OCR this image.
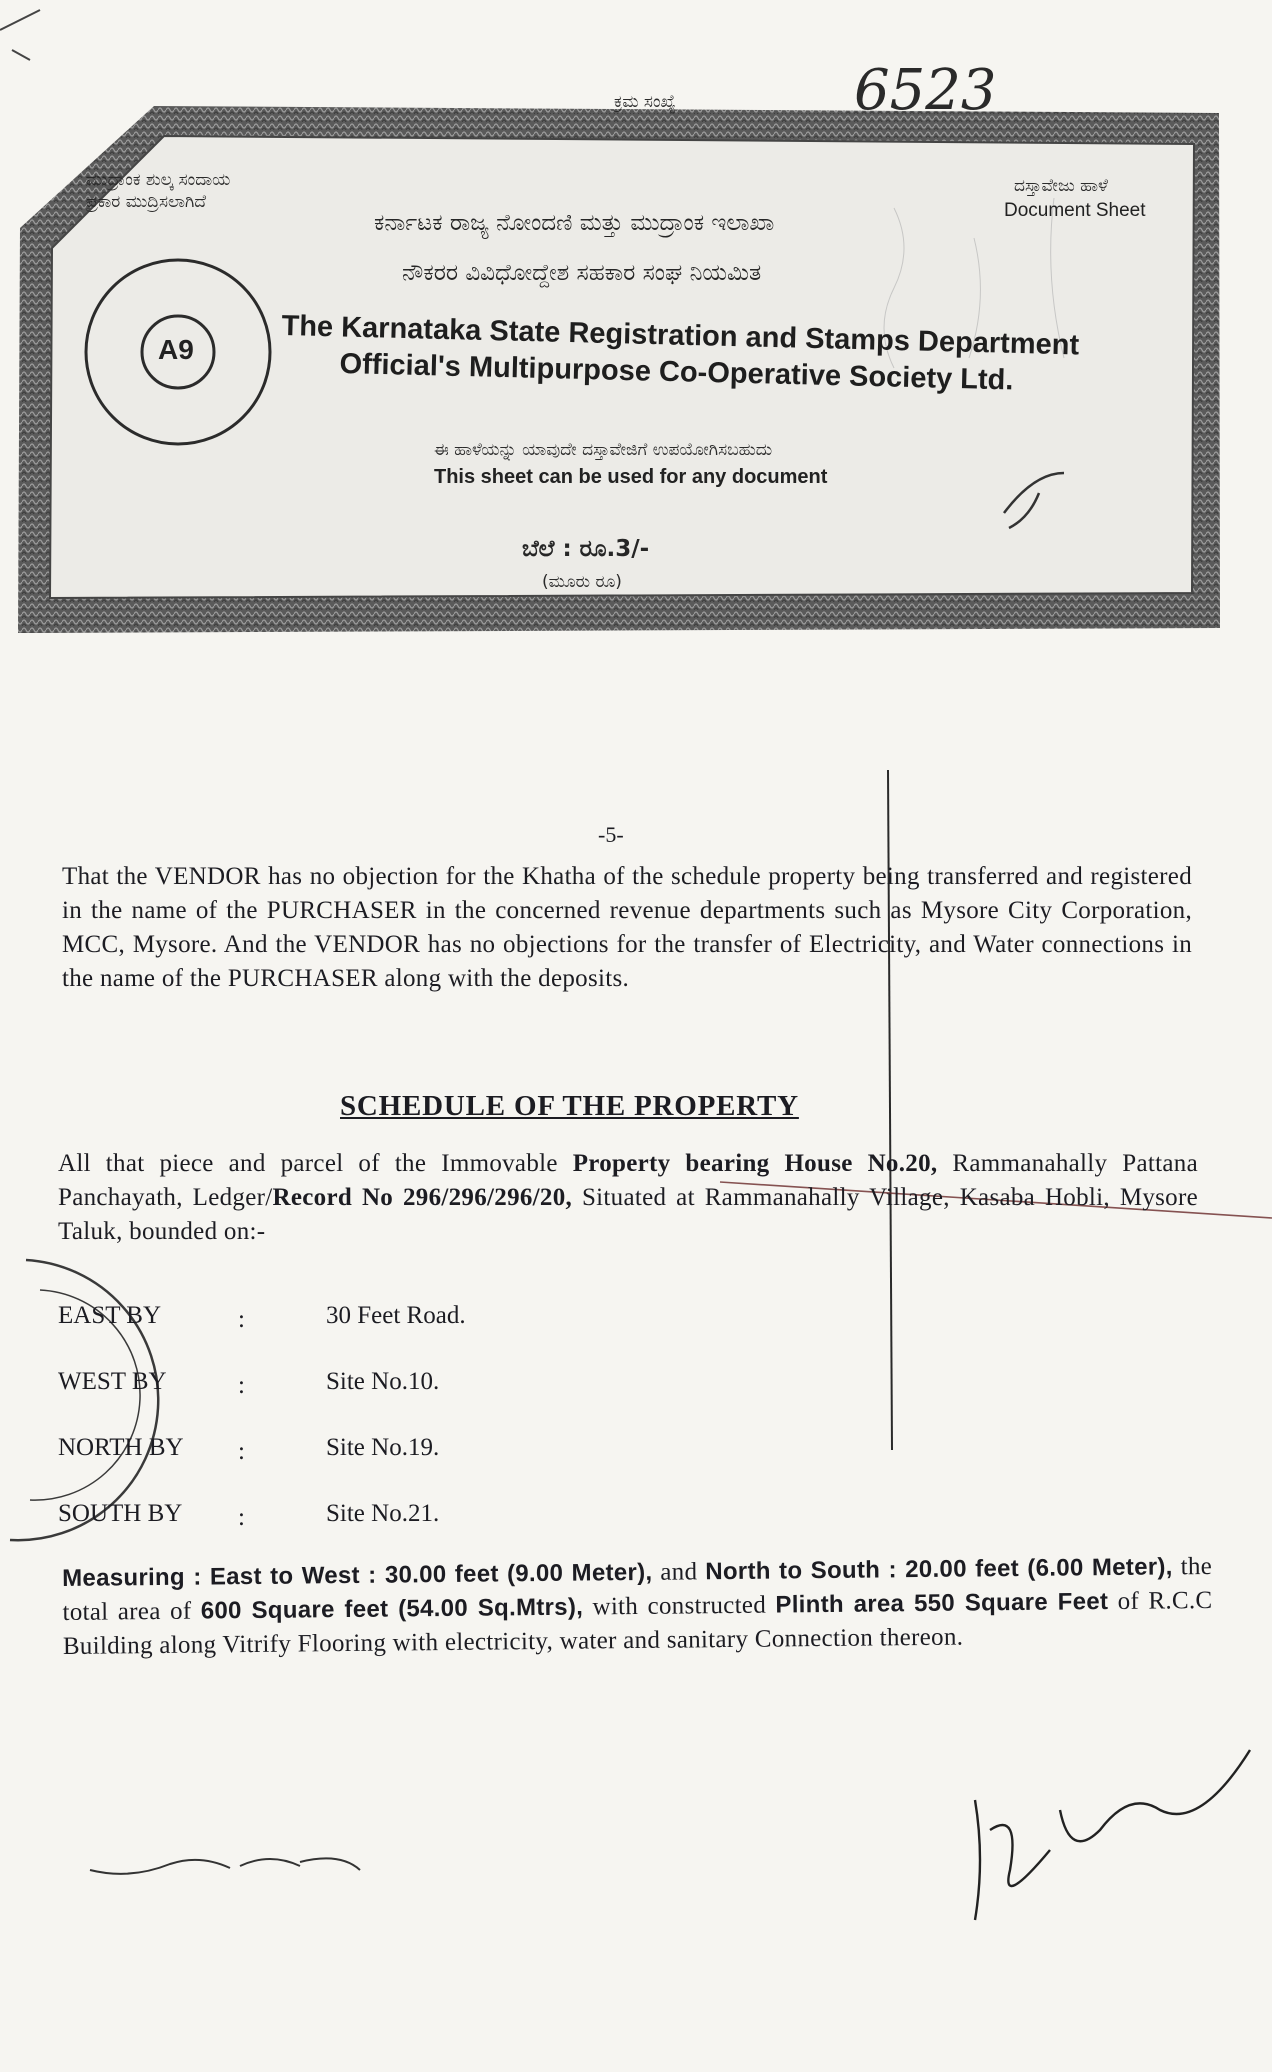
6523
ಕ್ರಮ ಸಂಖ್ಯೆ
ಮುದ್ರಾಂಕ ಶುಲ್ಕ ಸಂದಾಯ
ಪ್ರಕಾರ ಮುದ್ರಿಸಲಾಗಿದೆ
ಕರ್ನಾಟಕ ರಾಜ್ಯ ನೋಂದಣಿ ಮತ್ತು ಮುದ್ರಾಂಕ ಇಲಾಖಾ
ನೌಕರರ ವಿವಿಧೋದ್ದೇಶ ಸಹಕಾರ ಸಂಘ ನಿಯಮಿತ
The Karnataka State Registration and Stamps Department
Official's Multipurpose Co-Operative Society Ltd.
ಈ ಹಾಳೆಯನ್ನು ಯಾವುದೇ ದಸ್ತಾವೇಜಿಗೆ ಉಪಯೋಗಿಸಬಹುದು
This sheet can be used for any document
ಬೆಲೆ : ರೂ.3/-
(ಮೂರು ರೂ)
ದಸ್ತಾವೇಜು ಹಾಳೆ
Document Sheet
A9
-5-
That the VENDOR has no objection for the Khatha of the schedule property being transferred and registered in the name of the PURCHASER in the concerned revenue departments such as Mysore City Corporation, MCC, Mysore. And the VENDOR has no objections for the transfer of Electricity, and Water connections in the name of the PURCHASER along with the deposits.
SCHEDULE OF THE PROPERTY
All that piece and parcel of the Immovable Property bearing House No.20, Rammanahally Pattana Panchayath, Ledger/Record No 296/296/296/20, Situated at Rammanahally Village, Kasaba Hobli, Mysore Taluk, bounded on:-
EAST BY	:	30 Feet Road.
WEST BY	:	Site No.10.
NORTH BY :	Site No.19.
SOUTH BY :	Site No.21.
Measuring : East to West : 30.00 feet (9.00 Meter), and North to South : 20.00 feet (6.00 Meter), the total area of 600 Square feet (54.00 Sq.Mtrs), with constructed Plinth area 550 Square Feet of R.C.C Building along Vitrify Flooring with electricity, water and sanitary Connection thereon.
